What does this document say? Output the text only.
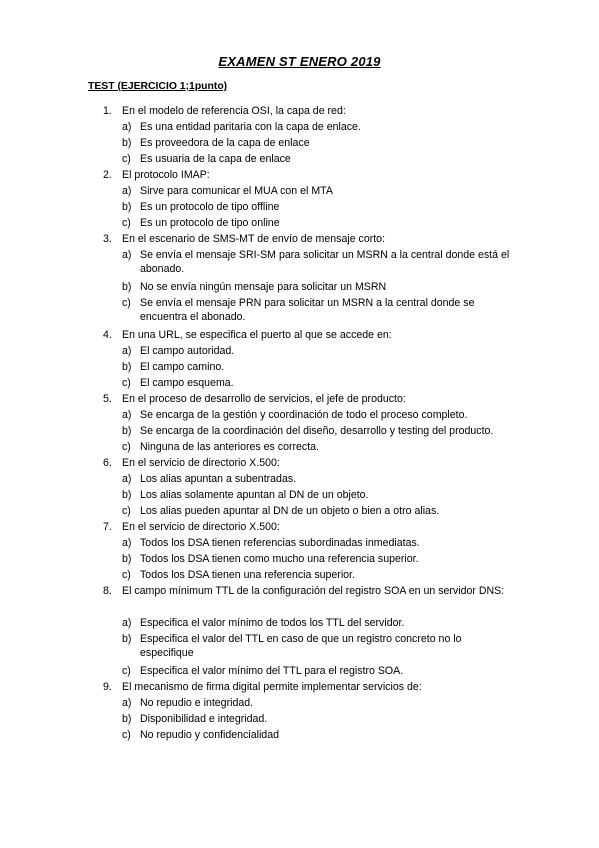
EXAMEN ST ENERO 2019
TEST (EJERCICIO 1;1punto)
1. En el modelo de referencia OSI, la capa de red:
a) Es una entidad paritaria con la capa de enlace.
b) Es proveedora de la capa de enlace
c) Es usuaria de la capa de enlace
2. El protocolo IMAP:
a) Sirve para comunicar el MUA con el MTA
b) Es un protocolo de tipo offline
c) Es un protocolo de tipo online
3. En el escenario de SMS-MT de envío de mensaje corto:
a) Se envía el mensaje SRI-SM para solicitar un MSRN a la central donde está el abonado.
b) No se envía ningún mensaje para solicitar un MSRN
c) Se envía el mensaje PRN para solicitar un MSRN a la central donde se encuentra el abonado.
4. En una URL, se especifica el puerto al que se accede en:
a) El campo autoridad.
b) El campo camino.
c) El campo esquema.
5. En el proceso de desarrollo de servicios, el jefe de producto:
a) Se encarga de la gestión y coordinación de todo el proceso completo.
b) Se encarga de la coordinación del diseño, desarrollo y testing del producto.
c) Ninguna de las anteriores es correcta.
6. En el servicio de directorio X.500:
a) Los alias apuntan a subentradas.
b) Los alias solamente apuntan al DN de un objeto.
c) Los alias pueden apuntar al DN de un objeto o bien a otro alias.
7. En el servicio de directorio X.500:
a) Todos los DSA tienen referencias subordinadas inmediatas.
b) Todos los DSA tienen como mucho una referencia superior.
c) Todos los DSA tienen una referencia superior.
8. El campo mínimum TTL de la configuración del registro SOA en un servidor DNS:
a) Especifica el valor mínimo de todos los TTL del servidor.
b) Especifica el valor del TTL en caso de que un registro concreto no lo especifique
c) Especifica el valor mínimo del TTL para el registro SOA.
9. El mecanismo de firma digital permite implementar servicios de:
a) No repudio e integridad.
b) Disponibilidad e integridad.
c) No repudio y confidencialidad
